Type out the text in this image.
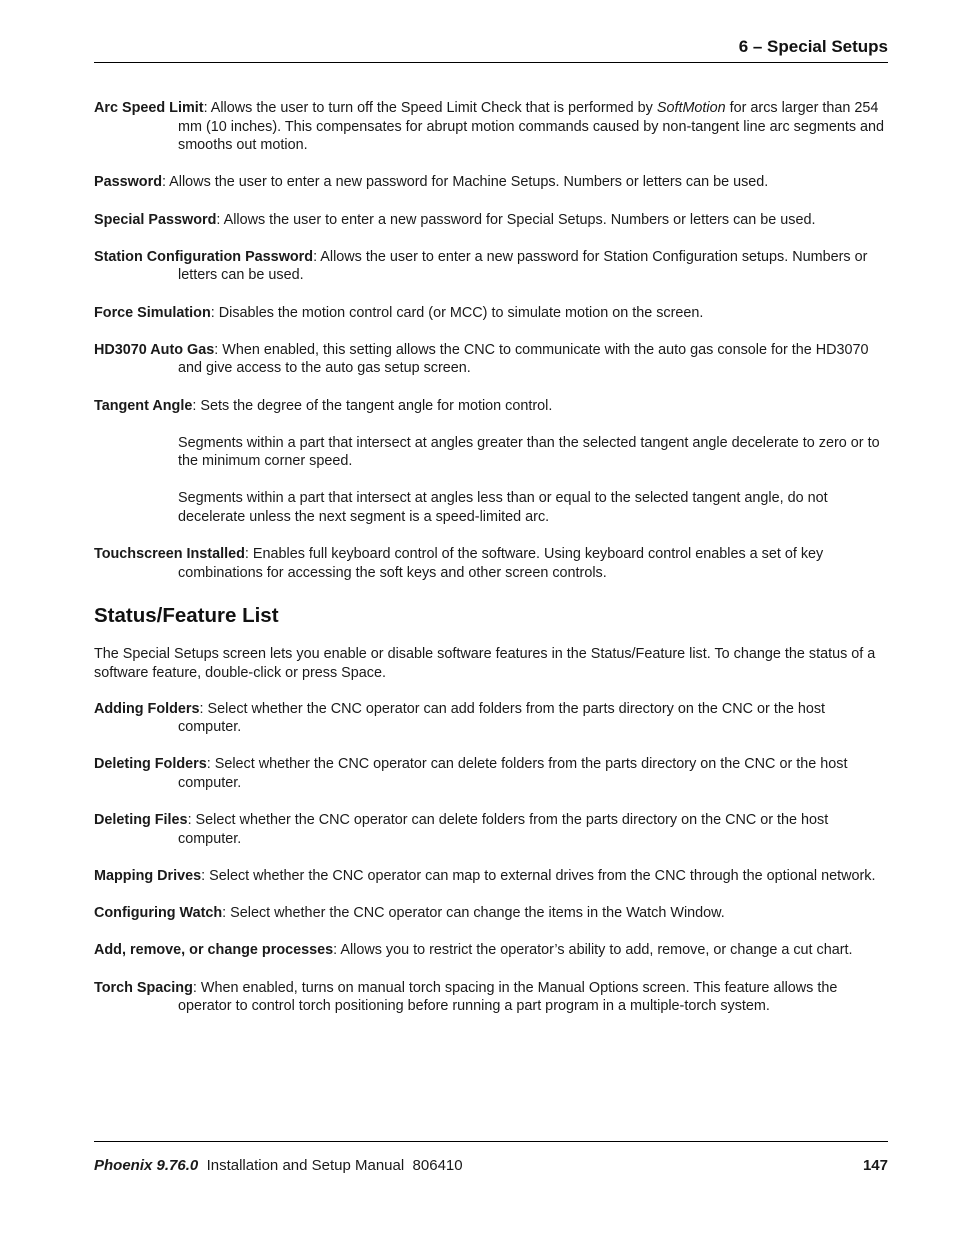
6 – Special Setups

Arc Speed Limit: Allows the user to turn off the Speed Limit Check that is performed by SoftMotion for arcs larger than 254 mm (10 inches). This compensates for abrupt motion commands caused by non-tangent line arc segments and smooths out motion.

Password: Allows the user to enter a new password for Machine Setups. Numbers or letters can be used.

Special Password: Allows the user to enter a new password for Special Setups. Numbers or letters can be used.

Station Configuration Password: Allows the user to enter a new password for Station Configuration setups. Numbers or letters can be used.

Force Simulation: Disables the motion control card (or MCC) to simulate motion on the screen.

HD3070 Auto Gas: When enabled, this setting allows the CNC to communicate with the auto gas console for the HD3070 and give access to the auto gas setup screen.

Tangent Angle: Sets the degree of the tangent angle for motion control.

Segments within a part that intersect at angles greater than the selected tangent angle decelerate to zero or to the minimum corner speed.

Segments within a part that intersect at angles less than or equal to the selected tangent angle, do not decelerate unless the next segment is a speed-limited arc.

Touchscreen Installed: Enables full keyboard control of the software. Using keyboard control enables a set of key combinations for accessing the soft keys and other screen controls.

Status/Feature List

The Special Setups screen lets you enable or disable software features in the Status/Feature list. To change the status of a software feature, double-click or press Space.

Adding Folders: Select whether the CNC operator can add folders from the parts directory on the CNC or the host computer.

Deleting Folders: Select whether the CNC operator can delete folders from the parts directory on the CNC or the host computer.

Deleting Files: Select whether the CNC operator can delete folders from the parts directory on the CNC or the host computer.

Mapping Drives: Select whether the CNC operator can map to external drives from the CNC through the optional network.

Configuring Watch: Select whether the CNC operator can change the items in the Watch Window.

Add, remove, or change processes: Allows you to restrict the operator’s ability to add, remove, or change a cut chart.

Torch Spacing: When enabled, turns on manual torch spacing in the Manual Options screen. This feature allows the operator to control torch positioning before running a part program in a multiple-torch system.

Phoenix 9.76.0 Installation and Setup Manual 806410	147
